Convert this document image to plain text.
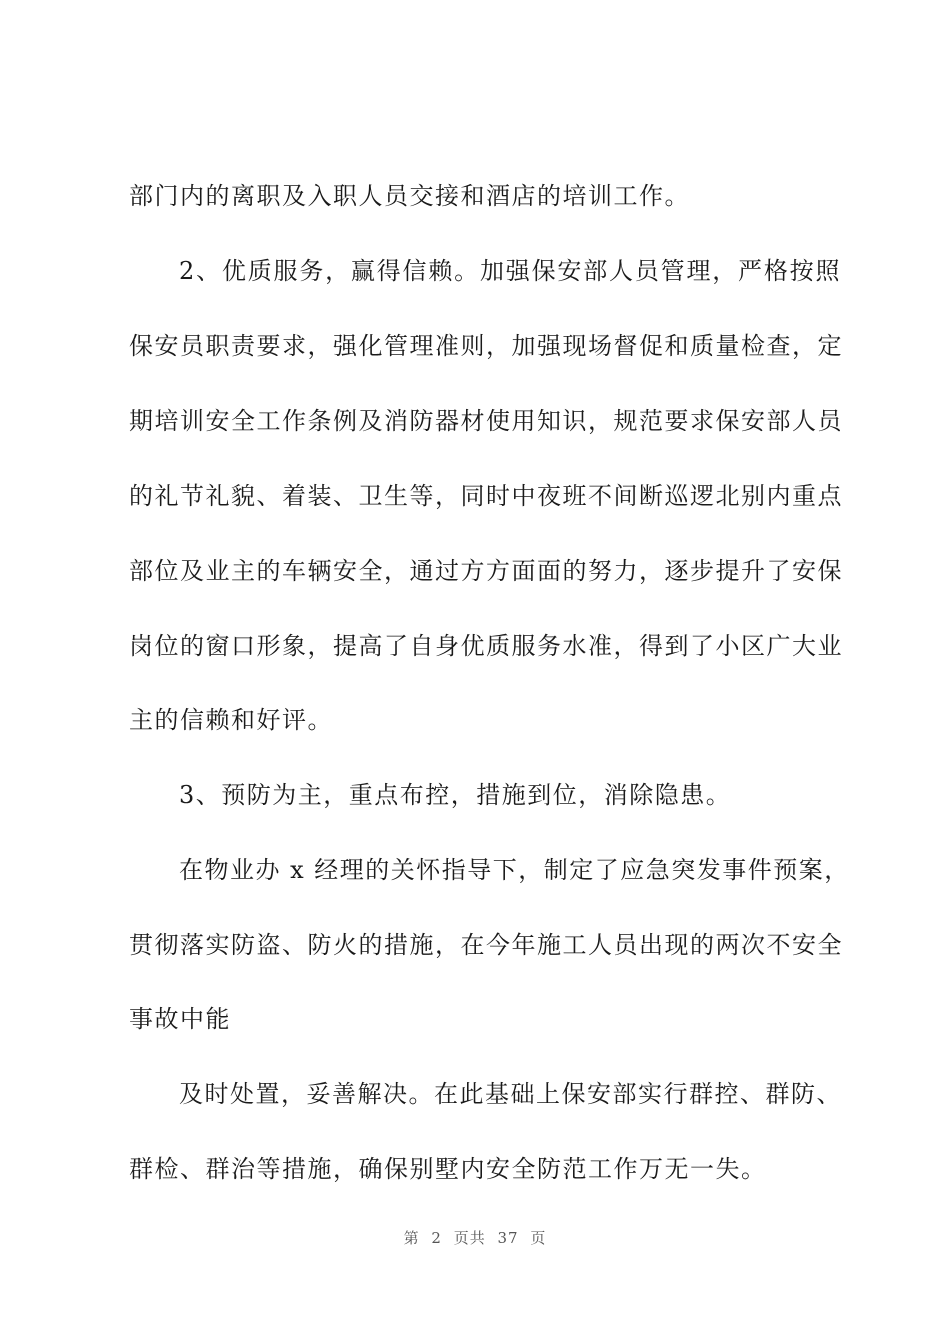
部门内的离职及入职人员交接和酒店的培训工作。
2、优质服务，赢得信赖。加强保安部人员管理，严格按照
保安员职责要求，强化管理准则，加强现场督促和质量检查，定
期培训安全工作条例及消防器材使用知识，规范要求保安部人员
的礼节礼貌、着装、卫生等，同时中夜班不间断巡逻北别内重点
部位及业主的车辆安全，通过方方面面的努力，逐步提升了安保
岗位的窗口形象，提高了自身优质服务水准，得到了小区广大业
主的信赖和好评。
3、预防为主，重点布控，措施到位，消除隐患。
在物业办 x 经理的关怀指导下，制定了应急突发事件预案，
贯彻落实防盗、防火的措施，在今年施工人员出现的两次不安全
事故中能
及时处置，妥善解决。在此基础上保安部实行群控、群防、
群检、群治等措施，确保别墅内安全防范工作万无一失。
第 2 页共 37 页
